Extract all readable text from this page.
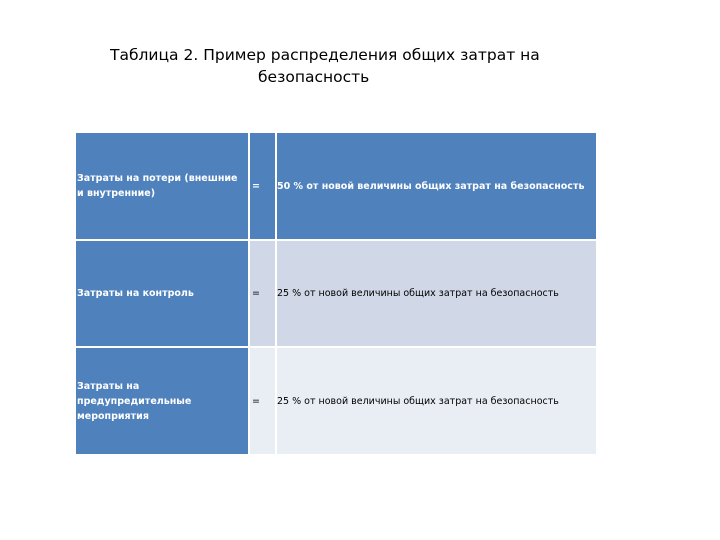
Таблица 2. Пример распределения общих затрат на
безопасность
Затраты на потери (внешние и внутренние)	=	50 % от новой величины общих затрат на безопасность
Затраты на контроль	=	25 % от новой величины общих затрат на безопасность
Затраты на предупредительные мероприятия	=	25 % от новой величины общих затрат на безопасность
